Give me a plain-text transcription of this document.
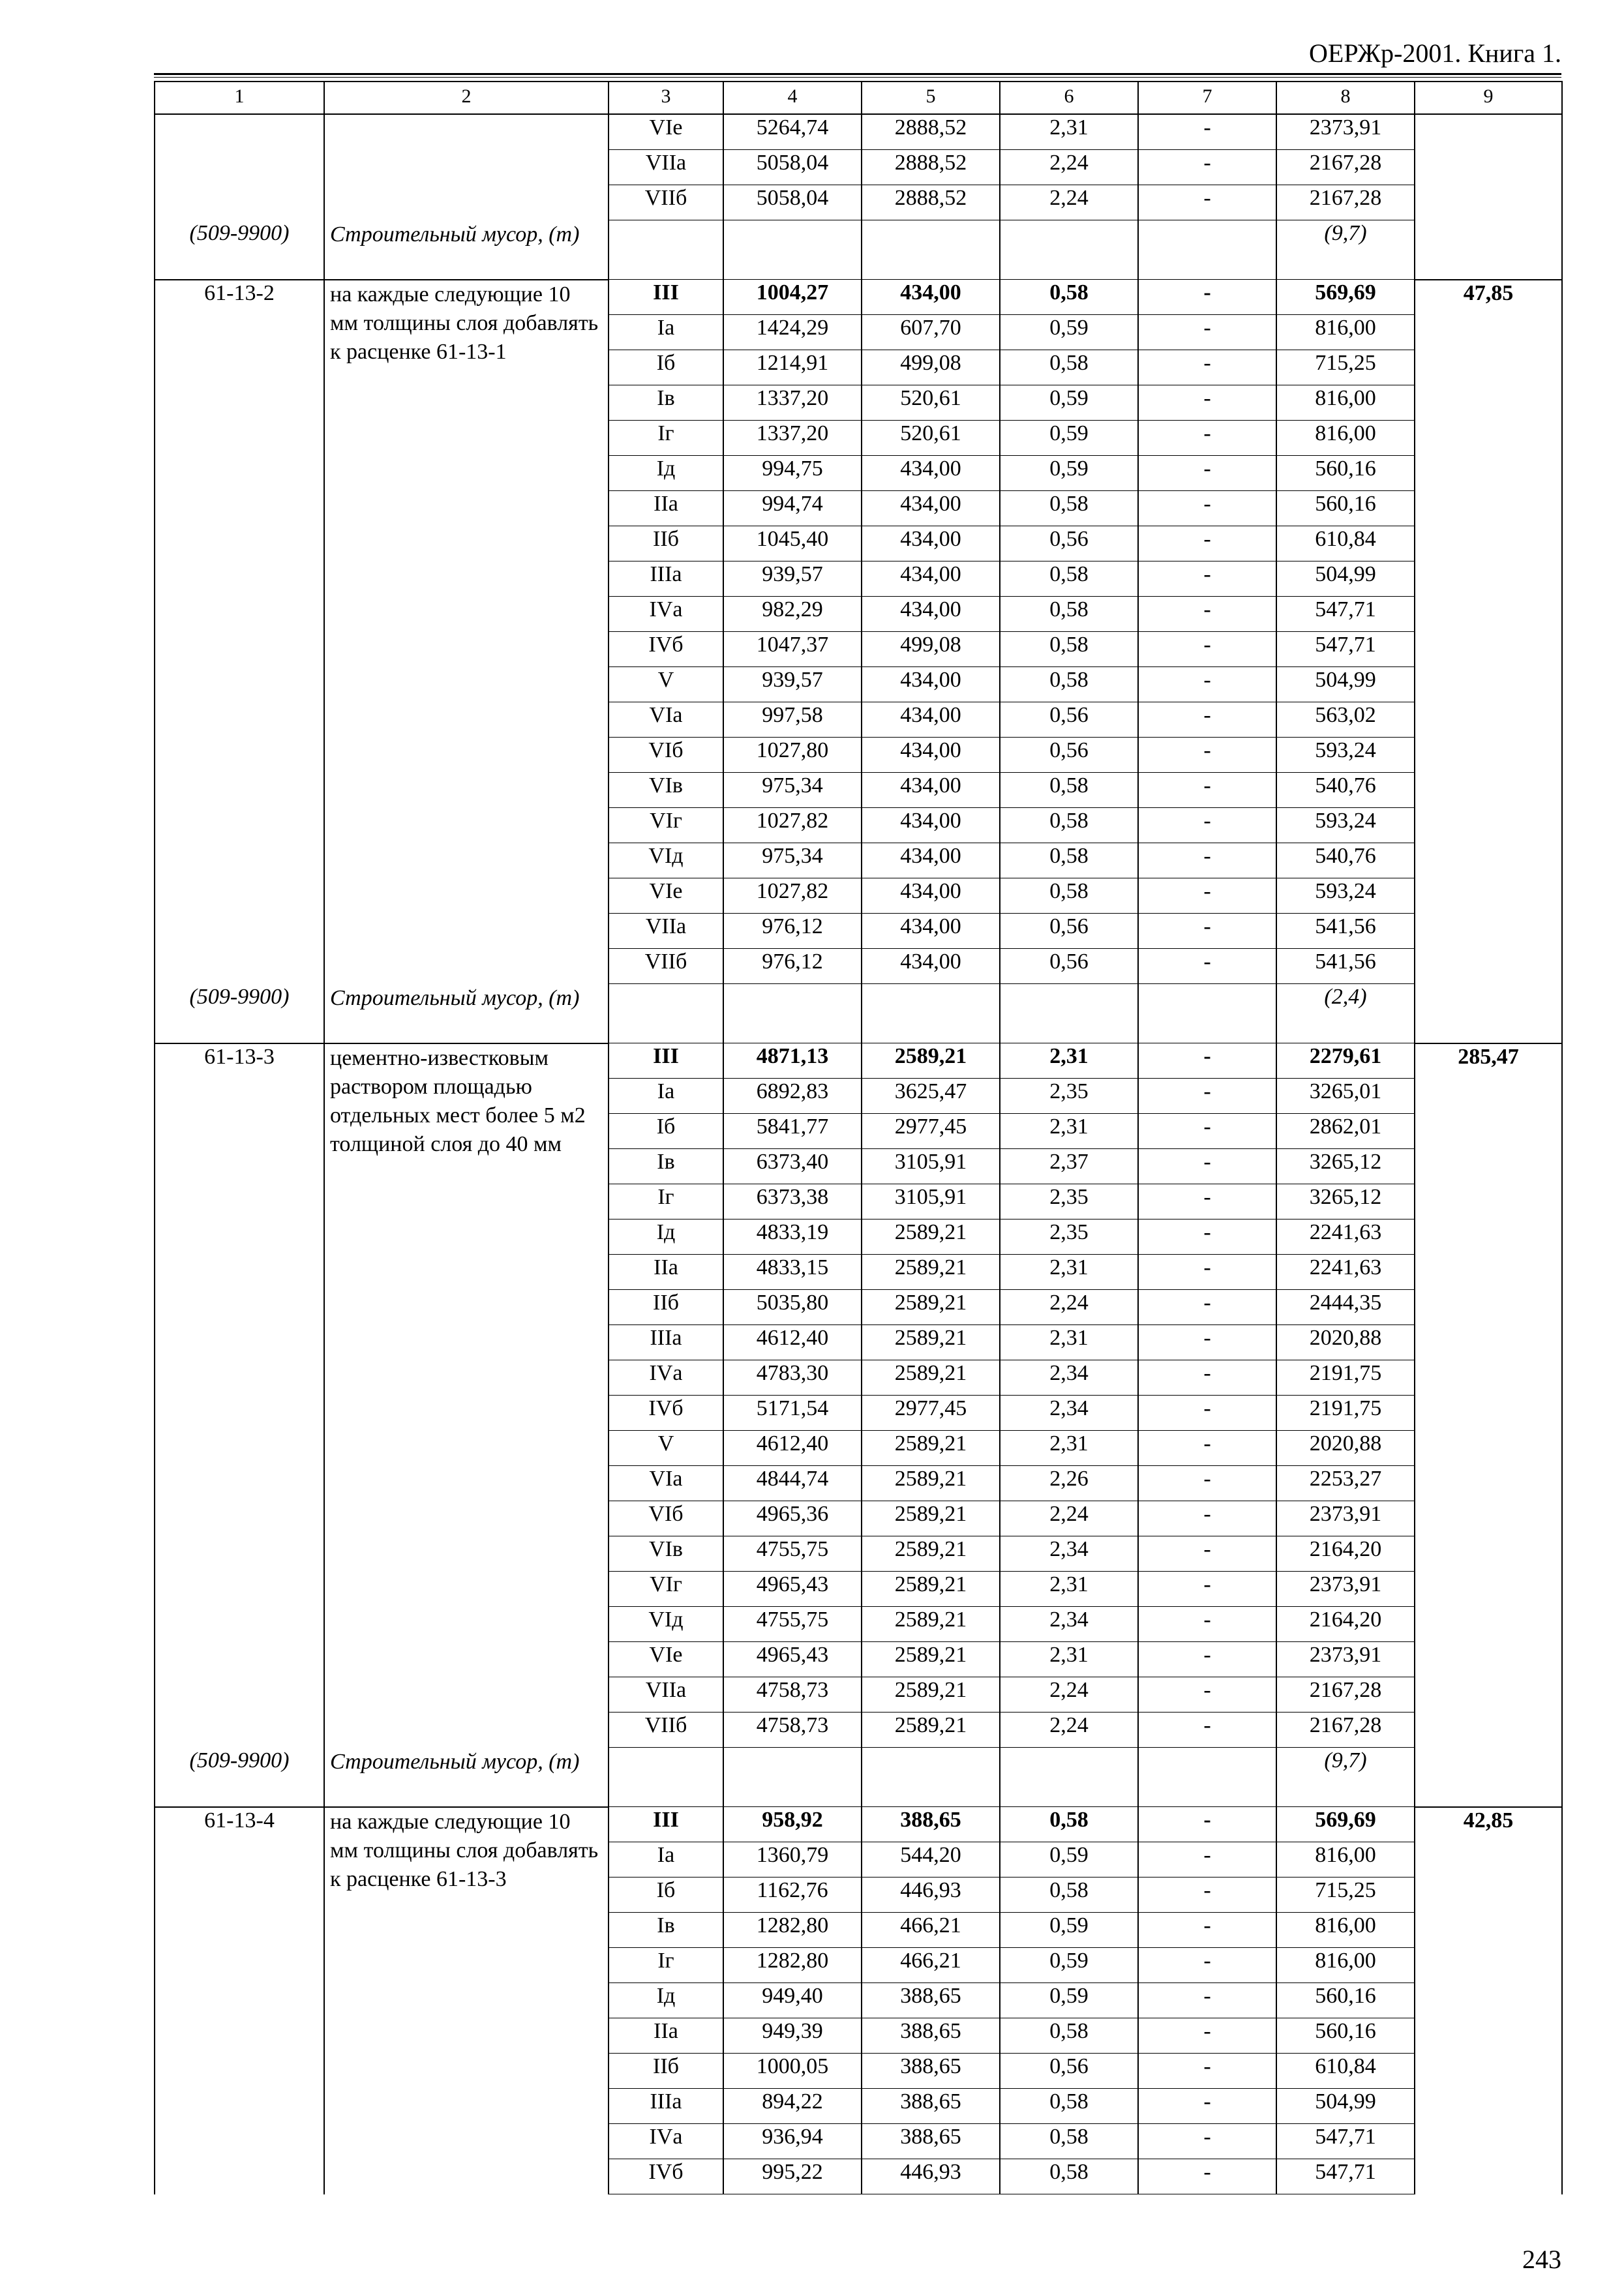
ОЕРЖр-2001. Книга 1.
1	2	3	4	5	6	7	8	9
		VIе	5264,74	2888,52	2,31	-	2373,91	
		VIIа	5058,04	2888,52	2,24	-	2167,28	
		VIIб	5058,04	2888,52	2,24	-	2167,28	
(509-9900)	Строительный мусор, (т)						(9,7)	
61-13-2	на каждые следующие 10 мм толщины слоя добавлять к расценке 61-13-1	III	1004,27	434,00	0,58	-	569,69	47,85
		Iа	1424,29	607,70	0,59	-	816,00	
		Iб	1214,91	499,08	0,58	-	715,25	
		Iв	1337,20	520,61	0,59	-	816,00	
		Iг	1337,20	520,61	0,59	-	816,00	
		Iд	994,75	434,00	0,59	-	560,16	
		IIа	994,74	434,00	0,58	-	560,16	
		IIб	1045,40	434,00	0,56	-	610,84	
		IIIа	939,57	434,00	0,58	-	504,99	
		IVа	982,29	434,00	0,58	-	547,71	
		IVб	1047,37	499,08	0,58	-	547,71	
		V	939,57	434,00	0,58	-	504,99	
		VIа	997,58	434,00	0,56	-	563,02	
		VIб	1027,80	434,00	0,56	-	593,24	
		VIв	975,34	434,00	0,58	-	540,76	
		VIг	1027,82	434,00	0,58	-	593,24	
		VIд	975,34	434,00	0,58	-	540,76	
		VIе	1027,82	434,00	0,58	-	593,24	
		VIIа	976,12	434,00	0,56	-	541,56	
		VIIб	976,12	434,00	0,56	-	541,56	
(509-9900)	Строительный мусор, (т)						(2,4)	
61-13-3	цементно-известковым раствором площадью отдельных мест более 5 м2 толщиной слоя до 40 мм	III	4871,13	2589,21	2,31	-	2279,61	285,47
		Iа	6892,83	3625,47	2,35	-	3265,01	
		Iб	5841,77	2977,45	2,31	-	2862,01	
		Iв	6373,40	3105,91	2,37	-	3265,12	
		Iг	6373,38	3105,91	2,35	-	3265,12	
		Iд	4833,19	2589,21	2,35	-	2241,63	
		IIа	4833,15	2589,21	2,31	-	2241,63	
		IIб	5035,80	2589,21	2,24	-	2444,35	
		IIIа	4612,40	2589,21	2,31	-	2020,88	
		IVа	4783,30	2589,21	2,34	-	2191,75	
		IVб	5171,54	2977,45	2,34	-	2191,75	
		V	4612,40	2589,21	2,31	-	2020,88	
		VIа	4844,74	2589,21	2,26	-	2253,27	
		VIб	4965,36	2589,21	2,24	-	2373,91	
		VIв	4755,75	2589,21	2,34	-	2164,20	
		VIг	4965,43	2589,21	2,31	-	2373,91	
		VIд	4755,75	2589,21	2,34	-	2164,20	
		VIе	4965,43	2589,21	2,31	-	2373,91	
		VIIа	4758,73	2589,21	2,24	-	2167,28	
		VIIб	4758,73	2589,21	2,24	-	2167,28	
(509-9900)	Строительный мусор, (т)						(9,7)	
61-13-4	на каждые следующие 10 мм толщины слоя добавлять к расценке 61-13-3	III	958,92	388,65	0,58	-	569,69	42,85
		Iа	1360,79	544,20	0,59	-	816,00	
		Iб	1162,76	446,93	0,58	-	715,25	
		Iв	1282,80	466,21	0,59	-	816,00	
		Iг	1282,80	466,21	0,59	-	816,00	
		Iд	949,40	388,65	0,59	-	560,16	
		IIа	949,39	388,65	0,58	-	560,16	
		IIб	1000,05	388,65	0,56	-	610,84	
		IIIа	894,22	388,65	0,58	-	504,99	
		IVа	936,94	388,65	0,58	-	547,71	
		IVб	995,22	446,93	0,58	-	547,71	
243
